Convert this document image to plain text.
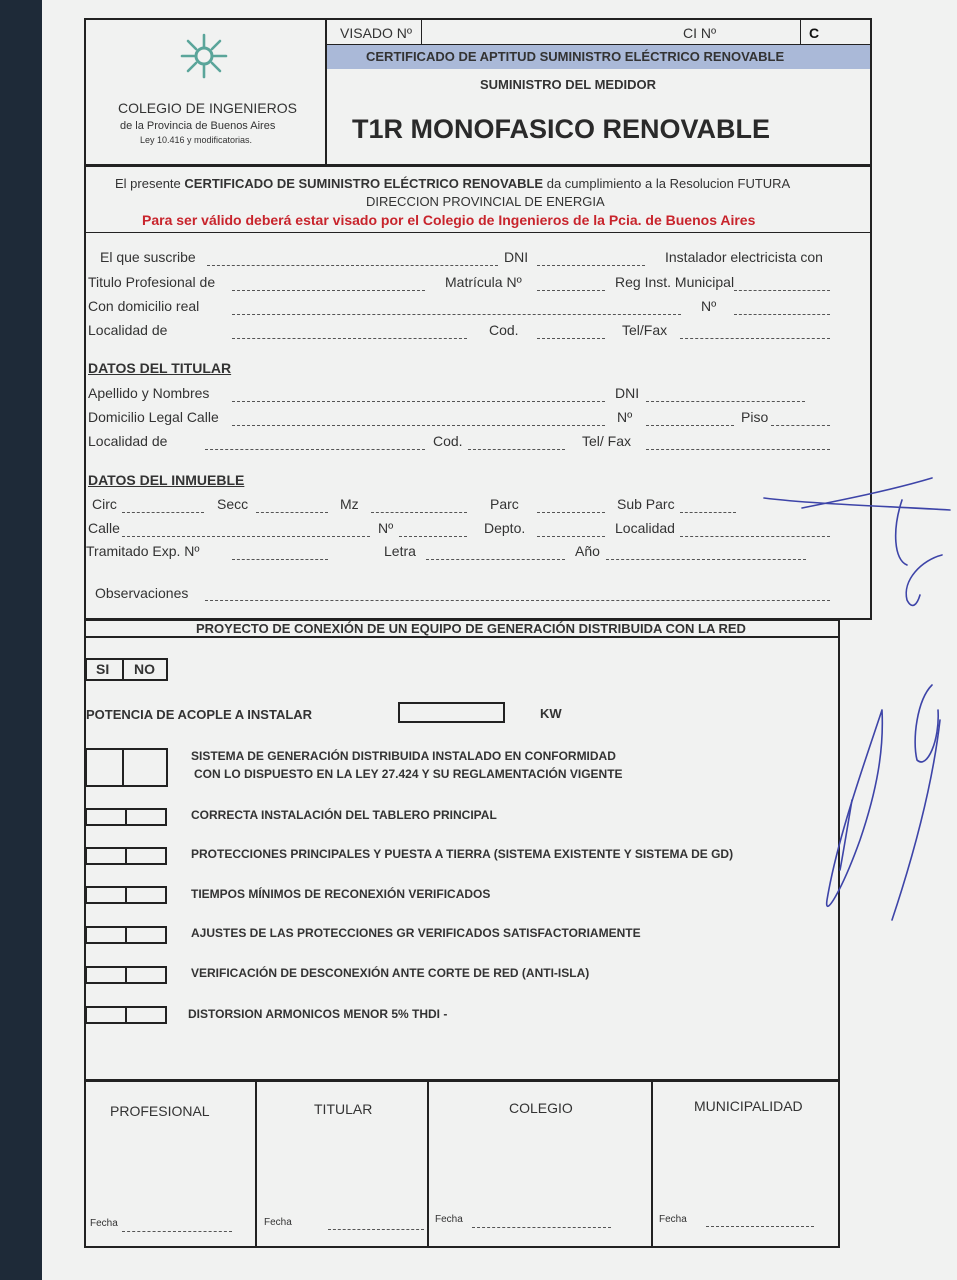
VISADO Nº	CI Nº	C
CERTIFICADO DE APTITUD SUMINISTRO ELÉCTRICO RENOVABLE
SUMINISTRO DEL MEDIDOR
T1R MONOFASICO RENOVABLE
COLEGIO DE INGENIEROS
de la Provincia de Buenos Aires
Ley 10.416 y modificatorias.
El presente CERTIFICADO DE SUMINISTRO ELÉCTRICO RENOVABLE da cumplimiento a la Resolucion FUTURA
DIRECCION PROVINCIAL DE ENERGIA
Para ser válido deberá estar visado por el Colegio de Ingenieros de la Pcia. de Buenos Aires
El que suscribe	DNI	Instalador electricista con
Titulo Profesional de	Matrícula Nº	Reg Inst. Municipal
Con domicilio real	Nº
Localidad de	Cod.	Tel/Fax
DATOS DEL TITULAR
Apellido y Nombres	DNI
Domicilio Legal Calle	Nº	Piso
Localidad de	Cod.	Tel/ Fax
DATOS DEL INMUEBLE
Circ	Secc	Mz	Parc	Sub Parc
Calle	Nº	Depto.	Localidad
Tramitado Exp. Nº	Letra	Año
Observaciones
PROYECTO DE CONEXIÓN DE UN EQUIPO DE GENERACIÓN DISTRIBUIDA CON LA RED
SI NO
POTENCIA DE ACOPLE A INSTALAR	KW
SISTEMA DE GENERACIÓN DISTRIBUIDA INSTALADO EN CONFORMIDAD
CON LO DISPUESTO EN LA LEY 27.424 Y SU REGLAMENTACIÓN VIGENTE
CORRECTA INSTALACIÓN DEL TABLERO PRINCIPAL
PROTECCIONES PRINCIPALES Y PUESTA A TIERRA (SISTEMA EXISTENTE Y SISTEMA DE GD)
TIEMPOS MÍNIMOS DE RECONEXIÓN VERIFICADOS
AJUSTES DE LAS PROTECCIONES GR VERIFICADOS SATISFACTORIAMENTE
VERIFICACIÓN DE DESCONEXIÓN ANTE CORTE DE RED (ANTI-ISLA)
DISTORSION ARMONICOS MENOR 5% THDI -
PROFESIONAL	TITULAR	COLEGIO	MUNICIPALIDAD
Fecha	Fecha	Fecha	Fecha
